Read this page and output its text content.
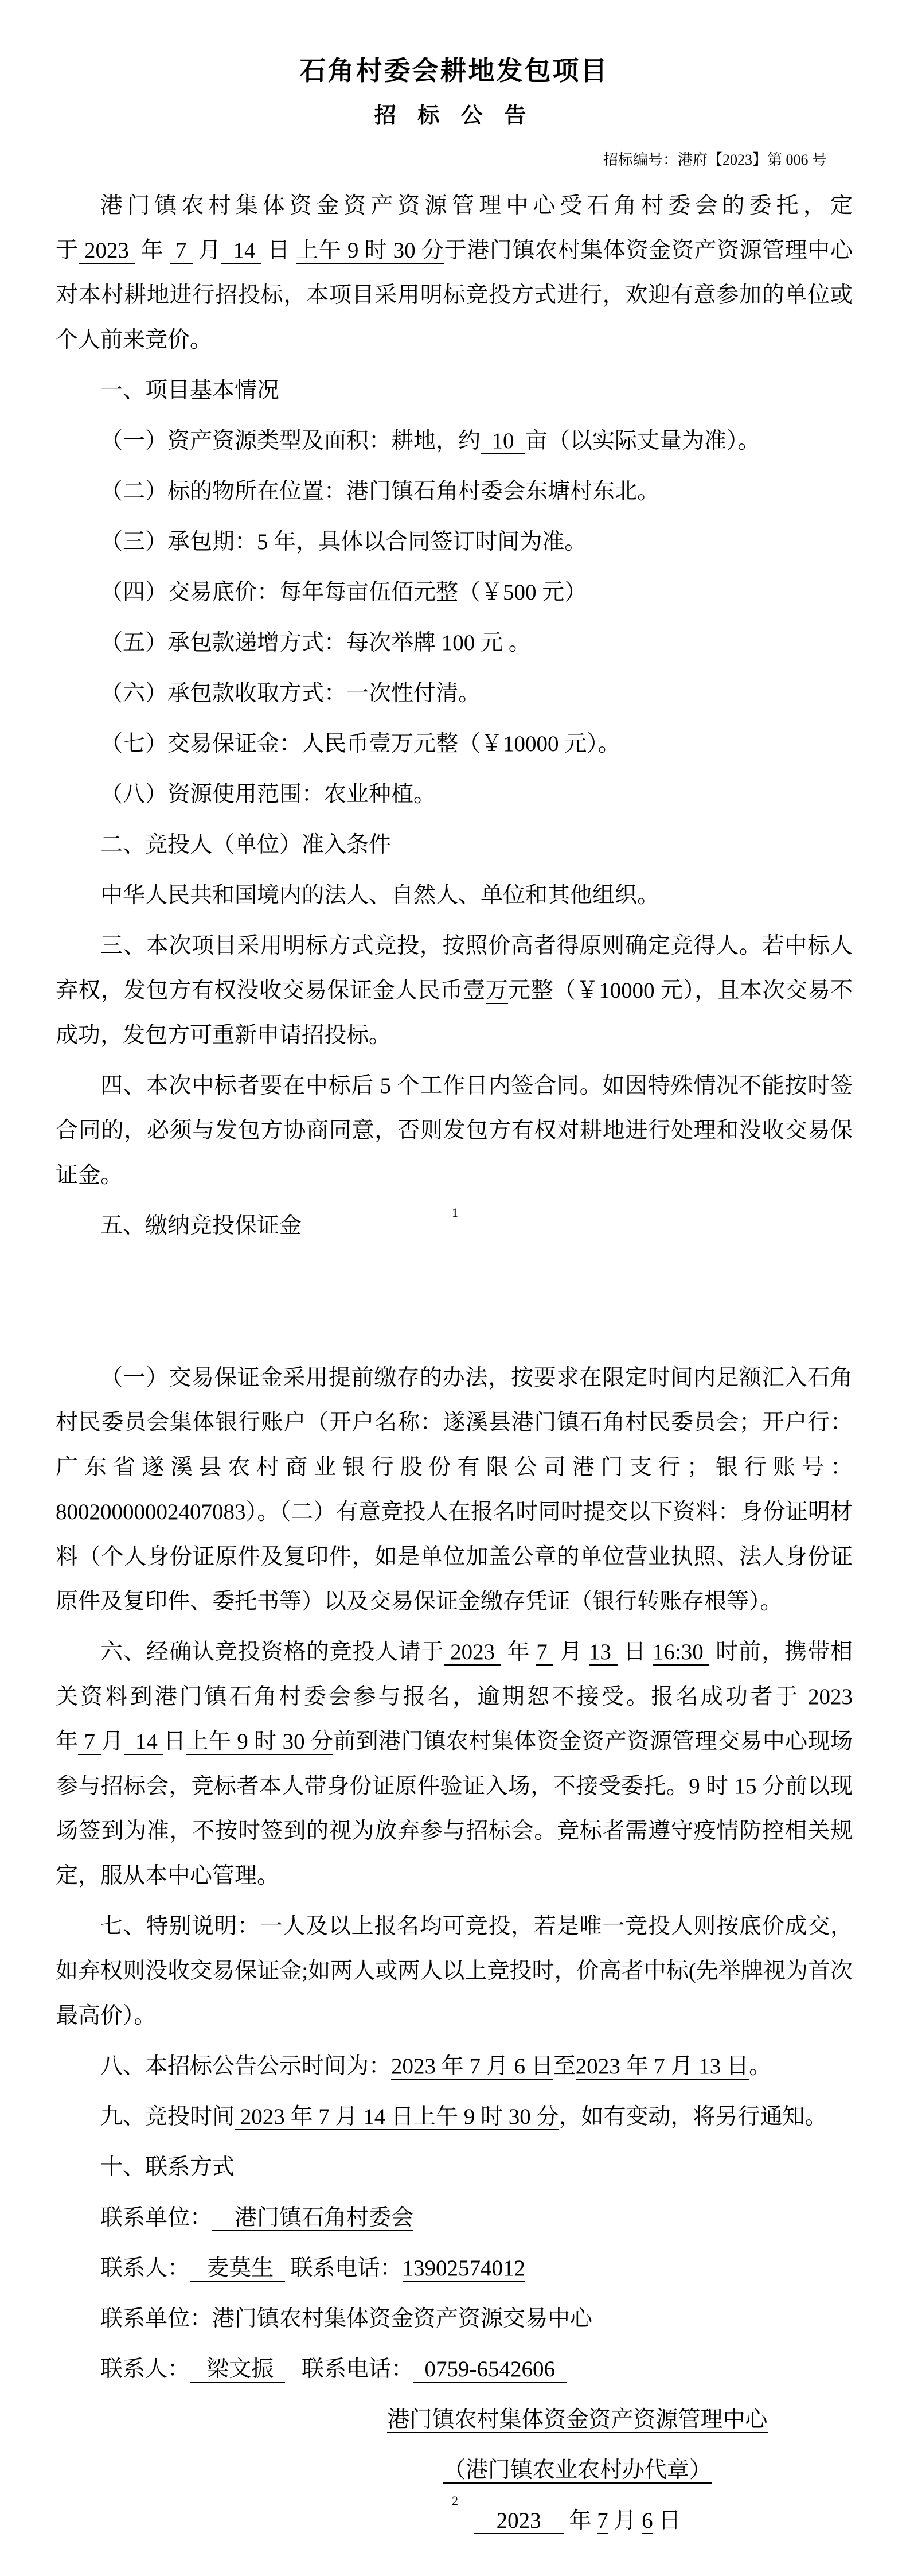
石角村委会耕地发包项目
招 标 公 告
招标编号：港府【2023】第 006 号

港门镇农村集体资金资产资源管理中心受石角村委会的委托，定于 2023  年  7  月  14  日 上午 9 时 30 分于港门镇农村集体资金资产资源管理中心对本村耕地进行招投标，本项目采用明标竞投方式进行，欢迎有意参加的单位或个人前来竞价。

一、项目基本情况

（一）资产资源类型及面积：耕地，约  10  亩（以实际丈量为准）。

（二）标的物所在位置：港门镇石角村委会东塘村东北。

（三）承包期：5 年，具体以合同签订时间为准。

（四）交易底价：每年每亩伍佰元整（￥500 元）

（五）承包款递增方式：每次举牌 100 元 。

（六）承包款收取方式：一次性付清。

（七）交易保证金：人民币壹万元整（￥10000 元）。

（八）资源使用范围：农业种植。

二、竞投人（单位）准入条件

中华人民共和国境内的法人、自然人、单位和其他组织。

三、本次项目采用明标方式竞投，按照价高者得原则确定竞得人。若中标人弃权，发包方有权没收交易保证金人民币壹万元整（￥10000 元），且本次交易不成功，发包方可重新申请招投标。

四、本次中标者要在中标后 5 个工作日内签合同。如因特殊情况不能按时签合同的，必须与发包方协商同意，否则发包方有权对耕地进行处理和没收交易保证金。

五、缴纳竞投保证金

1

（一）交易保证金采用提前缴存的办法，按要求在限定时间内足额汇入石角村民委员会集体银行账户（开户名称：遂溪县港门镇石角村民委员会；开户行：广东省遂溪县农村商业银行股份有限公司港门支行；银行账号：80020000002407083）。（二）有意竞投人在报名时同时提交以下资料：身份证明材料（个人身份证原件及复印件，如是单位加盖公章的单位营业执照、法人身份证原件及复印件、委托书等）以及交易保证金缴存凭证（银行转账存根等）。

六、经确认竞投资格的竞投人请于 2023  年 7  月 13  日 16:30  时前，携带相关资料到港门镇石角村委会参与报名，逾期恕不接受。报名成功者于 2023 年 7 月  14 日上午 9 时 30 分前到港门镇农村集体资金资产资源管理交易中心现场参与招标会，竞标者本人带身份证原件验证入场，不接受委托。9 时 15 分前以现场签到为准，不按时签到的视为放弃参与招标会。竞标者需遵守疫情防控相关规定，服从本中心管理。

七、特别说明：一人及以上报名均可竞投，若是唯一竞投人则按底价成交，如弃权则没收交易保证金;如两人或两人以上竞投时，价高者中标(先举牌视为首次最高价）。

八、本招标公告公示时间为：2023 年 7 月 6 日至2023 年 7 月 13 日。

九、竞投时间 2023 年 7 月 14 日上午 9 时 30 分，如有变动，将另行通知。

十、联系方式

联系单位：    港门镇石角村委会

联系人：   麦莫生   联系电话：13902574012

联系单位：港门镇农村集体资金资产资源交易中心

联系人：   梁文振     联系电话：  0759-6542606

港门镇农村集体资金资产资源管理中心

（港门镇农业农村办代章）

2023     年 7 月 6 日

2
